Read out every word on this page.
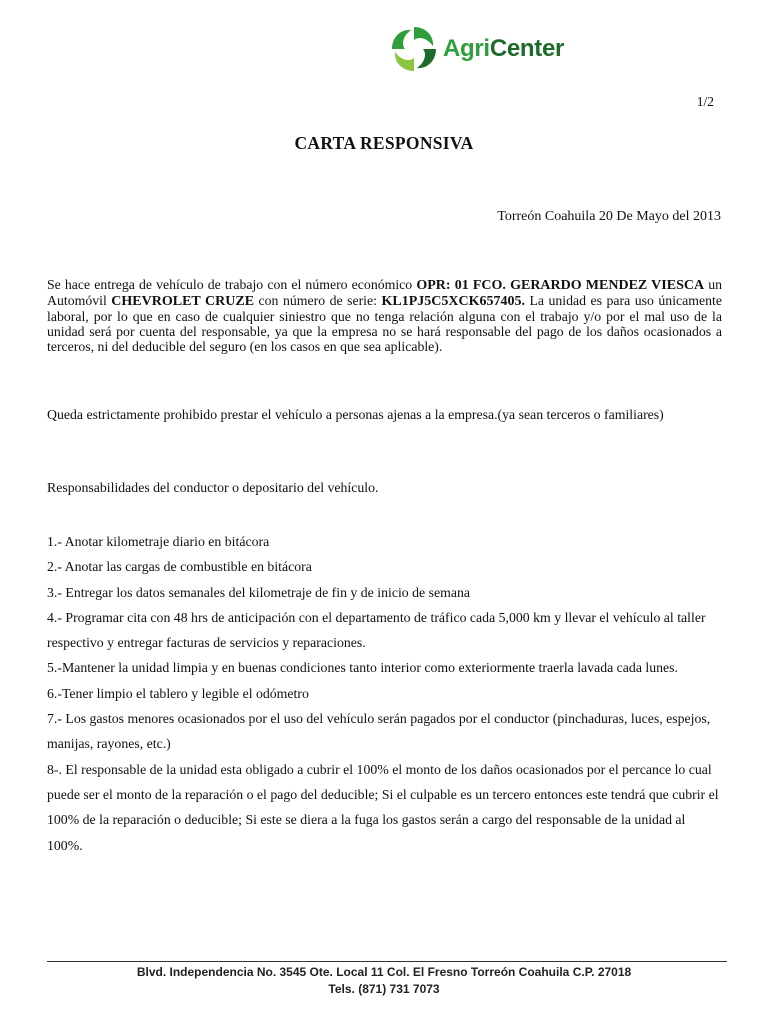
AgriCenter
1/2
CARTA RESPONSIVA
Torreón Coahuila 20 De Mayo del 2013
Se hace entrega de vehículo de trabajo con el número económico OPR: 01 FCO. GERARDO MENDEZ VIESCA un Automóvil CHEVROLET CRUZE con número de serie: KL1PJ5C5XCK657405. La unidad es para uso únicamente laboral, por lo que en caso de cualquier siniestro que no tenga relación alguna con el trabajo y/o por el mal uso de la unidad será por cuenta del responsable, ya que la empresa no se hará responsable del pago de los daños ocasionados a terceros, ni del deducible del seguro (en los casos en que sea aplicable).
Queda estrictamente prohibido prestar el vehículo a personas ajenas a la empresa.(ya sean terceros o familiares)
Responsabilidades del conductor o depositario del vehículo.

1.- Anotar kilometraje diario en bitácora

2.- Anotar las cargas de combustible en bitácora

3.- Entregar los datos semanales del kilometraje de fin y de inicio de semana

4.- Programar cita con 48 hrs de anticipación con el departamento de tráfico cada 5,000 km y llevar el vehículo al taller respectivo y entregar facturas de servicios y reparaciones.

5.-Mantener la unidad limpia y en buenas condiciones tanto interior como exteriormente traerla lavada cada lunes.

6.-Tener limpio el tablero y legible el odómetro

7.- Los gastos menores ocasionados por el uso del vehículo serán pagados por el conductor (pinchaduras, luces, espejos, manijas, rayones, etc.)

8-. El responsable de la unidad esta obligado a cubrir el 100% el monto de los daños ocasionados por el percance lo cual puede ser el monto de la reparación o el pago del deducible; Si el culpable es un tercero entonces este tendrá que cubrir el 100% de la reparación o deducible; Si este se diera a la fuga los gastos serán a cargo del responsable de la unidad al 100%.

Blvd. Independencia No. 3545 Ote. Local 11 Col. El Fresno Torreón Coahuila C.P. 27018
Tels. (871) 731 7073
